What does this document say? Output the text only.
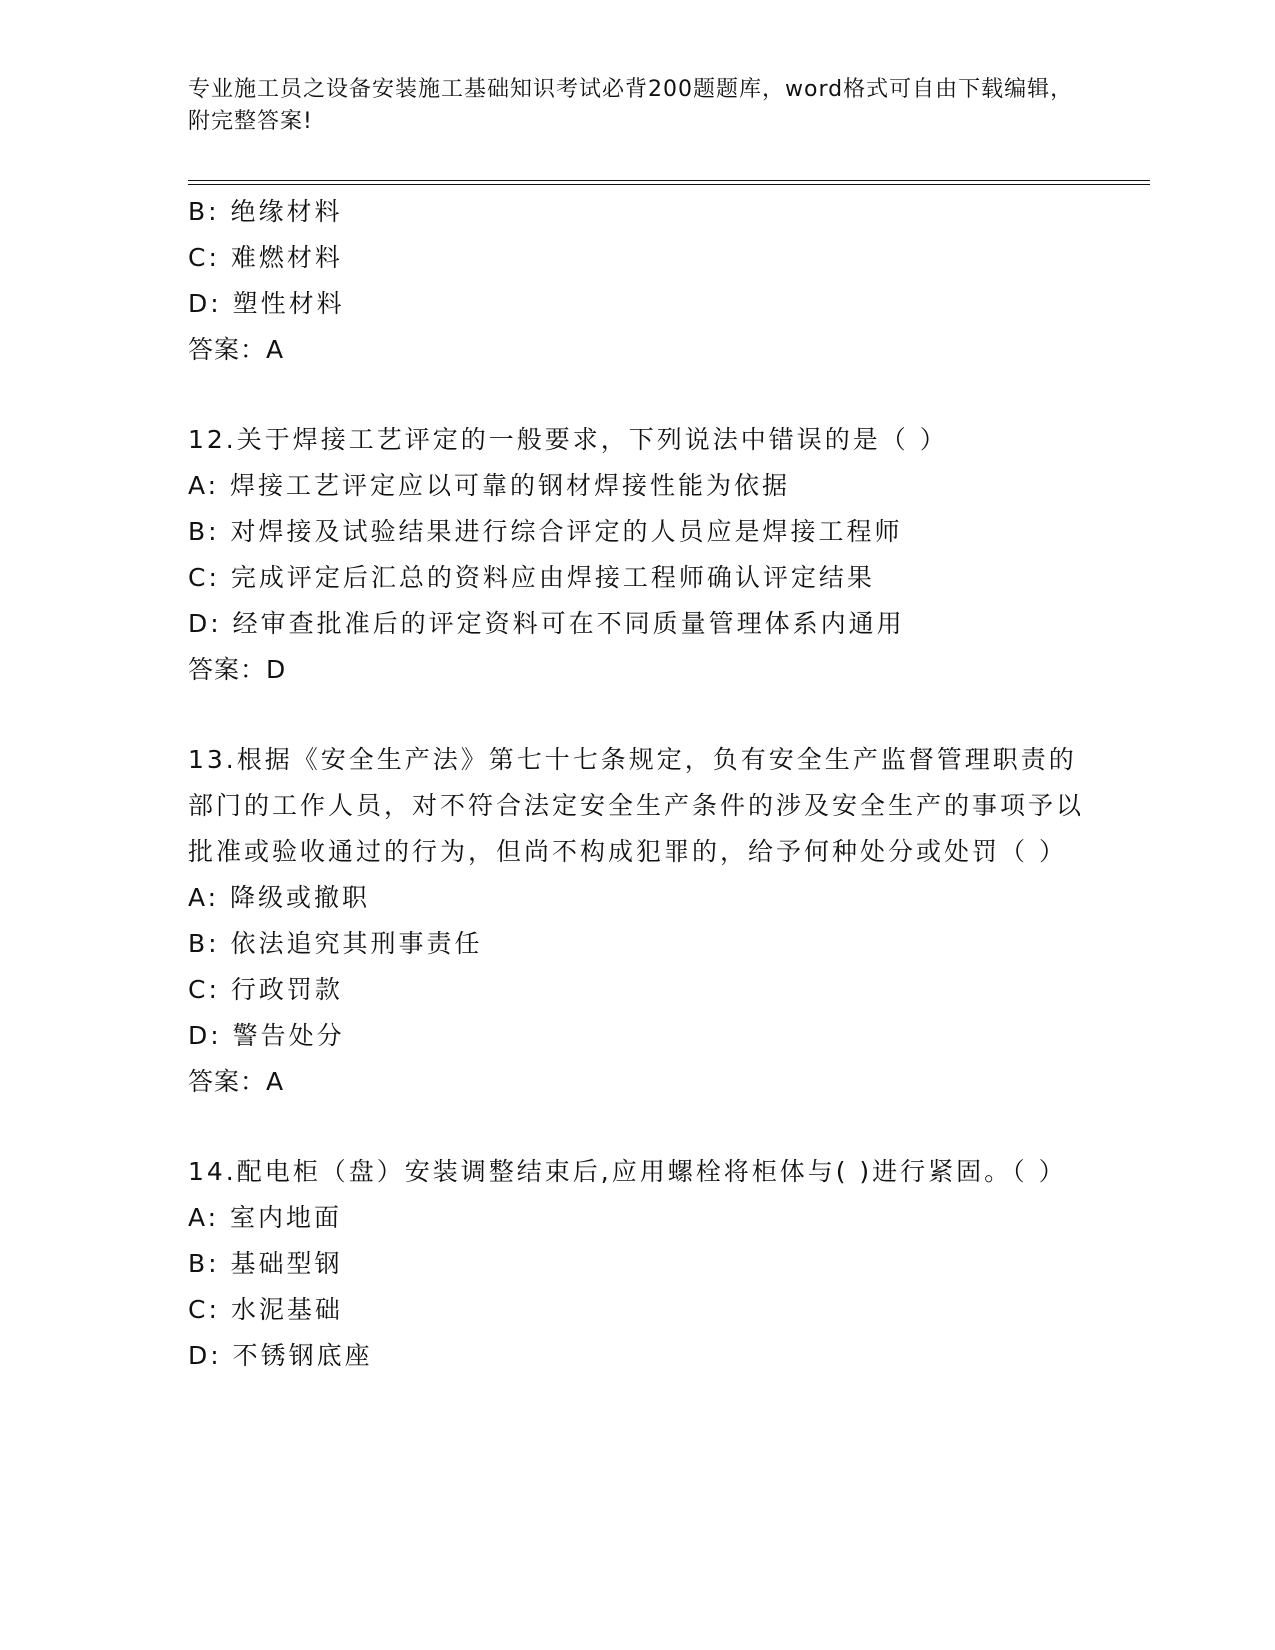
专业施工员之设备安装施工基础知识考试必背200题题库，word格式可自由下载编辑，附完整答案!
B: 绝缘材料
C: 难燃材料
D: 塑性材料
答案：A
12.关于焊接工艺评定的一般要求，下列说法中错误的是（ ）
A: 焊接工艺评定应以可靠的钢材焊接性能为依据
B: 对焊接及试验结果进行综合评定的人员应是焊接工程师
C: 完成评定后汇总的资料应由焊接工程师确认评定结果
D: 经审查批准后的评定资料可在不同质量管理体系内通用
答案：D
13.根据《安全生产法》第七十七条规定，负有安全生产监督管理职责的部门的工作人员，对不符合法定安全生产条件的涉及安全生产的事项予以批准或验收通过的行为，但尚不构成犯罪的，给予何种处分或处罚（ ）
A: 降级或撤职
B: 依法追究其刑事责任
C: 行政罚款
D: 警告处分
答案：A
14.配电柜（盘）安装调整结束后,应用螺栓将柜体与( )进行紧固。（ ）
A: 室内地面
B: 基础型钢
C: 水泥基础
D: 不锈钢底座
